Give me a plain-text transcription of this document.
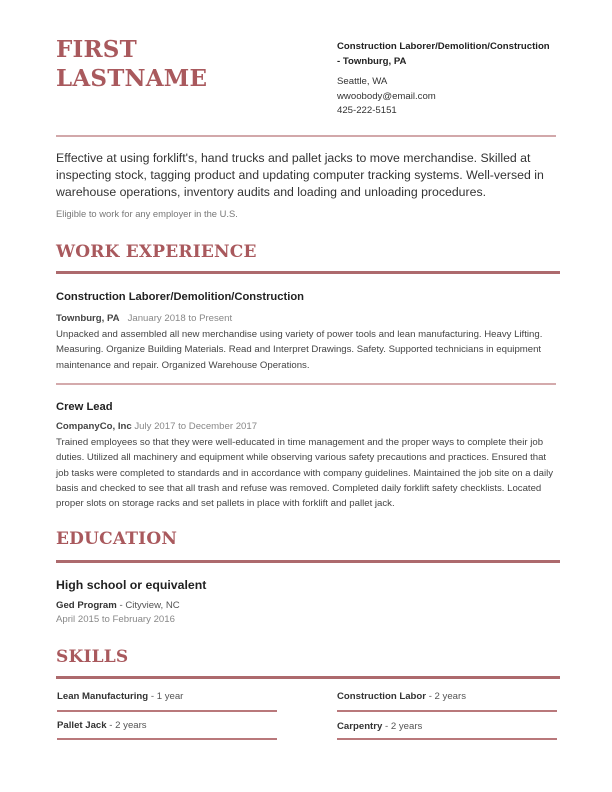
FIRST
LASTNAME
Construction Laborer/Demolition/Construction
- Townburg, PA
Seattle, WA
wwoobody@email.com
425-222-5151
Effective at using forklift's, hand trucks and pallet jacks to move merchandise. Skilled at inspecting stock, tagging product and updating computer tracking systems. Well-versed in warehouse operations, inventory audits and loading and unloading procedures.
Eligible to work for any employer in the U.S.
WORK EXPERIENCE
Construction Laborer/Demolition/Construction
Townburg, PA January 2018 to Present
Unpacked and assembled all new merchandise using variety of power tools and lean manufacturing. Heavy Lifting. Measuring. Organize Building Materials. Read and Interpret Drawings. Safety. Supported technicians in equipment maintenance and repair. Organized Warehouse Operations.
Crew Lead
CompanyCo, Inc July 2017 to December 2017
Trained employees so that they were well-educated in time management and the proper ways to complete their job duties. Utilized all machinery and equipment while observing various safety precautions and practices. Ensured that job tasks were completed to standards and in accordance with company guidelines. Maintained the job site on a daily basis and checked to see that all trash and refuse was removed. Completed daily forklift safety checklists. Located proper slots on storage racks and set pallets in place with forklift and pallet jack.
EDUCATION
High school or equivalent
Ged Program - Cityview, NC
April 2015 to February 2016
SKILLS
Lean Manufacturing - 1 year	Construction Labor - 2 years
Pallet Jack - 2 years	Carpentry - 2 years
